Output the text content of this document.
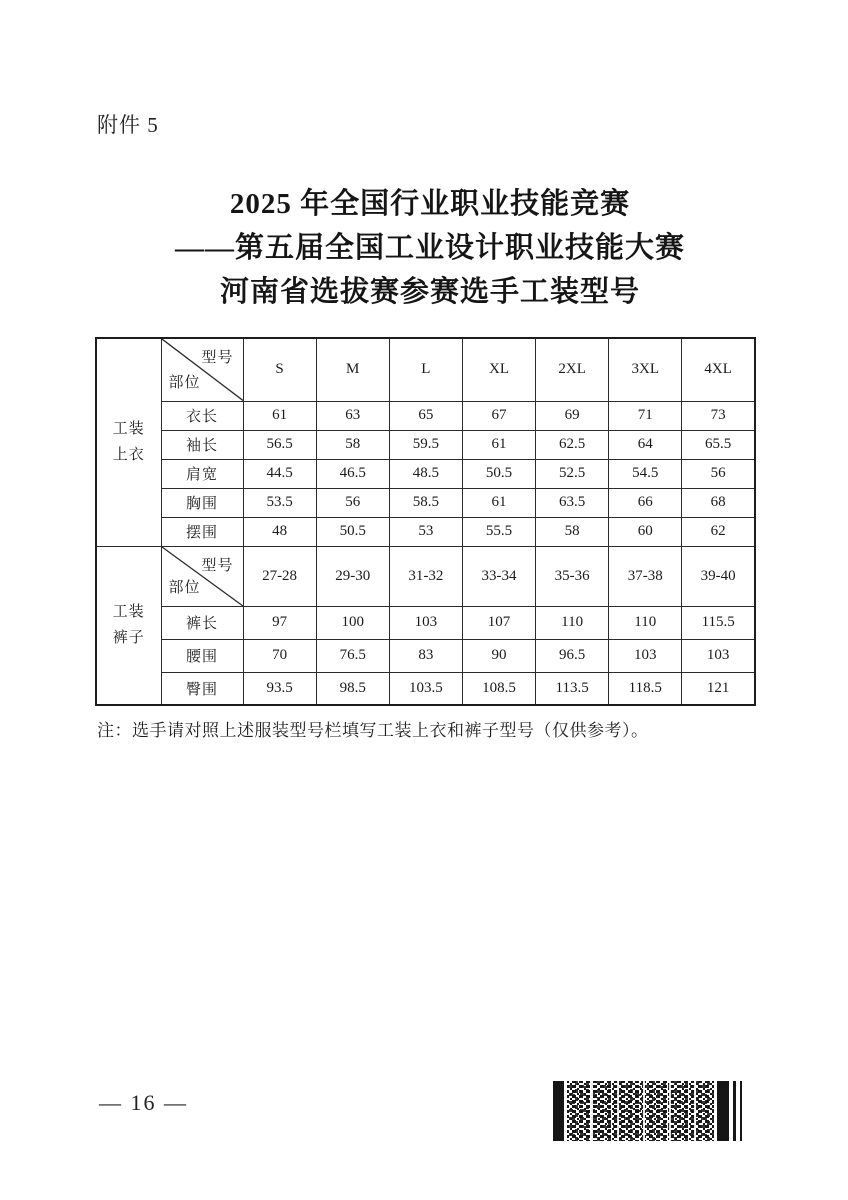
附件 5
2025 年全国行业职业技能竞赛
——第五届全国工业设计职业技能大赛
河南省选拔赛参赛选手工装型号
工装
上衣

型号
部位
	S	M	L	XL	2XL	3XL	4XL
	衣长	61	63	65	67	69	71	73
	袖长	56.5	58	59.5	61	62.5	64	65.5
	肩宽	44.5	46.5	48.5	50.5	52.5	54.5	56
	胸围	53.5	56	58.5	61	63.5	66	68
	摆围	48	50.5	53	55.5	58	60	62

工装
裤子

型号
部位
	27-28	29-30	31-32	33-34	35-36	37-38	39-40
	裤长	97	100	103	107	110	110	115.5
	腰围	70	76.5	83	90	96.5	103	103
	臀围	93.5	98.5	103.5	108.5	113.5	118.5	121
注：选手请对照上述服装型号栏填写工装上衣和裤子型号（仅供参考）。
— 16 —
